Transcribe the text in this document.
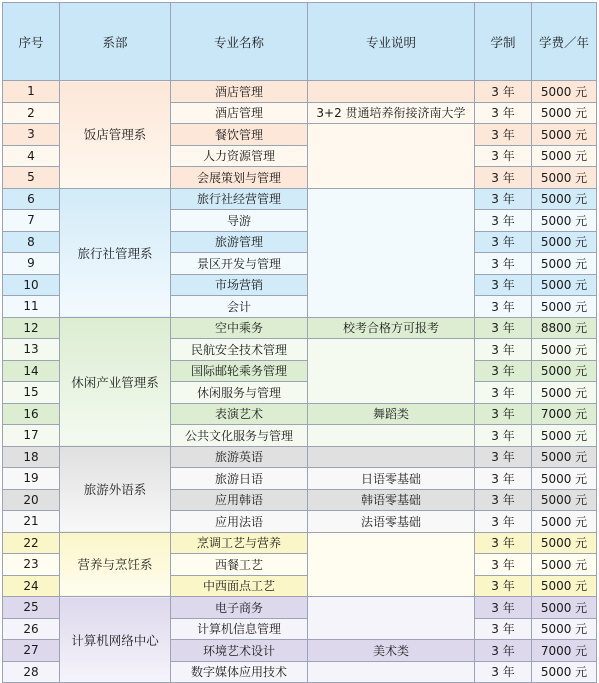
序号	系部	专业名称	专业说明	学制	学费／年
1	饭店管理系	酒店管理		3 年	5000 元
2		酒店管理	3+2 贯通培养衔接济南大学	3 年	5000 元
3		餐饮管理		3 年	5000 元
4		人力资源管理		3 年	5000 元
5		会展策划与管理		3 年	5000 元
6	旅行社管理系	旅行社经营管理		3 年	5000 元
7		导游		3 年	5000 元
8		旅游管理		3 年	5000 元
9		景区开发与管理		3 年	5000 元
10		市场营销		3 年	5000 元
11		会计		3 年	5000 元
12	休闲产业管理系	空中乘务	校考合格方可报考	3 年	8800 元
13		民航安全技术管理		3 年	5000 元
14		国际邮轮乘务管理		3 年	5000 元
15		休闲服务与管理		3 年	5000 元
16		表演艺术	舞蹈类	3 年	7000 元
17		公共文化服务与管理		3 年	5000 元
18	旅游外语系	旅游英语		3 年	5000 元
19		旅游日语	日语零基础	3 年	5000 元
20		应用韩语	韩语零基础	3 年	5000 元
21		应用法语	法语零基础	3 年	5000 元
22	营养与烹饪系	烹调工艺与营养		3 年	5000 元
23		西餐工艺		3 年	5000 元
24		中西面点工艺		3 年	5000 元
25	计算机网络中心	电子商务		3 年	5000 元
26		计算机信息管理		3 年	5000 元
27		环境艺术设计	美术类	3 年	7000 元
28		数字媒体应用技术		3 年	5000 元
